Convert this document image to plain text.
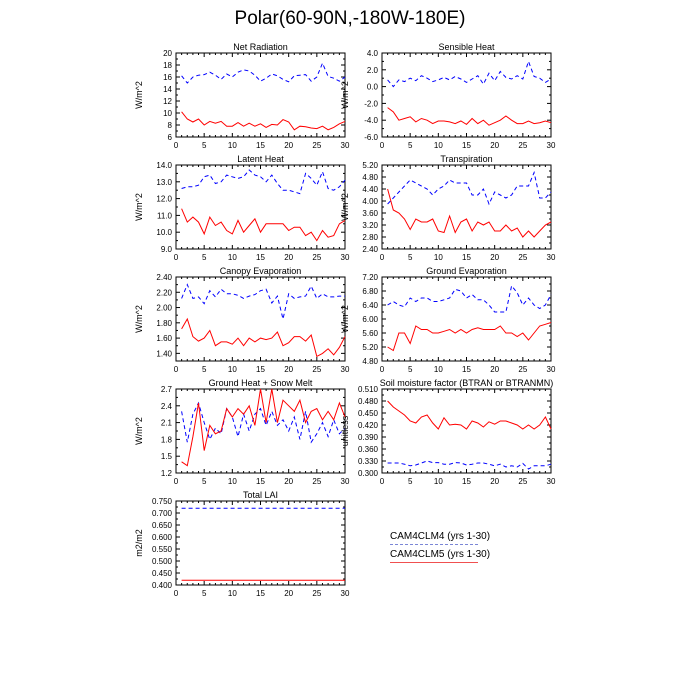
Polar(60-90N,-180W-180E)
Net Radiation
W/m^2
6
8
10
12
14
16
18
20
0	5	10 15 20 25 30
Sensible Heat
W/m^2
-6.0
-4.0
-2.0
0.0
2.0
4.0
0	5	10 15 20 25 30
Latent Heat
W/m^2
9.0
10.0
11.0
12.0
13.0
14.0
0	5	10 15 20 25 30
Transpiration
W/m^2
2.40
2.80
3.20
3.60
4.00
4.40
4.80
5.20
0	5	10 15 20 25 30
Canopy Evaporation
W/m^2
1.40
1.60
1.80
2.00
2.20
2.40
0	5	10 15 20 25 30
Ground Evaporation
W/m^2
4.80
5.20
5.60
6.00
6.40
6.80
7.20
0	5	10 15 20 25 30
Ground Heat + Snow Melt
W/m^2
1.2
1.5
1.8
2.1
2.4
2.7
0	5	10 15 20 25 30
Soil moisture factor (BTRAN or BTRANMN)
unitless
0.300
0.330
0.360
0.390
0.420
0.450
0.480
0.510
0	5	10 15 20 25 30
Total LAI
m2/m2
0.400
0.450
0.500
0.550
0.600
0.650
0.700
0.750
0	5	10 15 20 25 30
CAM4CLM4 (yrs 1-30)
CAM4CLM5 (yrs 1-30)
